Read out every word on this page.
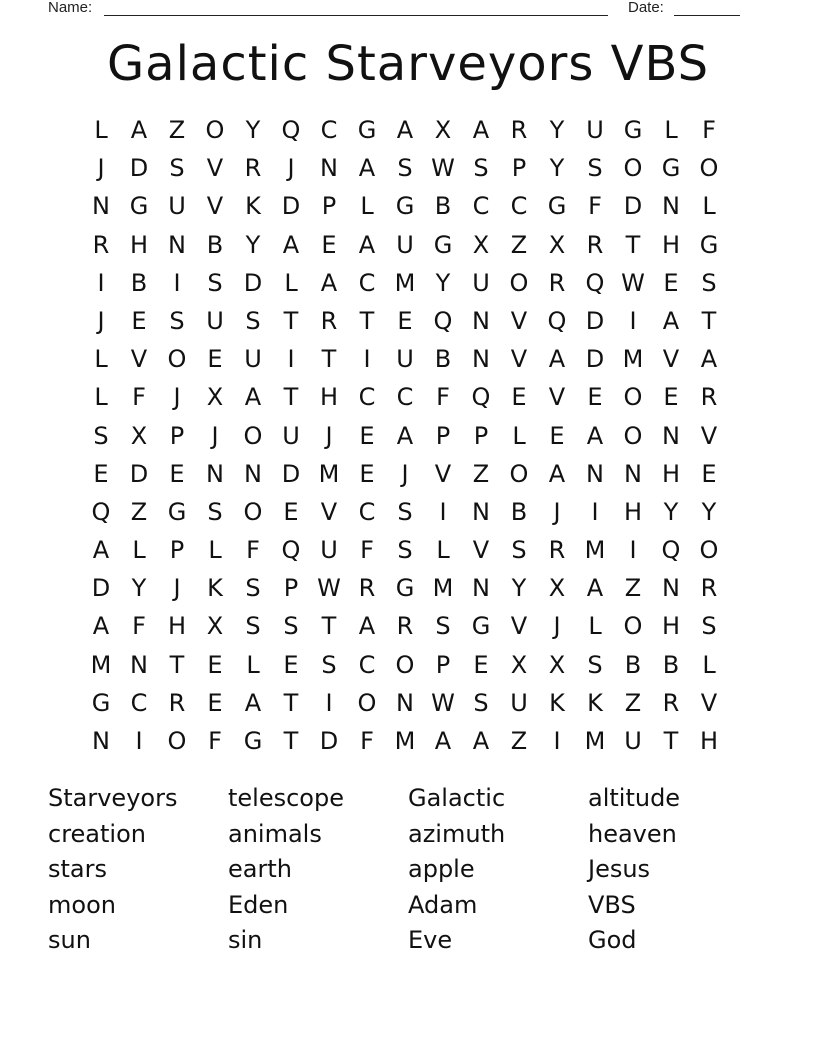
Name:	Date:
Galactic Starveyors VBS
L A Z O Y Q C G A X A R Y U G L	F
J	D S V R	J	N A S W S P Y S O G O
N G U V K D P	L G B C C G F D N L
R H N B Y A E A U G X Z X R T H G
I	B	I	S D L A C M Y U O R Q W E S
J	E S U S T R T E Q N V Q D	I	A T
L V O E U	I	T	I	U B N V A D M V A
L	F	J	X A T H C C F Q E V E O E R
S X P	J	O U	J	E A P P	L E A O N V
E D E N N D M E	J	V Z O A N N H E
Q Z G S O E V C S	I	N B	J	I	H Y Y
A L	P	L	F Q U F S L V S R M	I	Q O
D Y	J	K S P W R G M N Y X A Z N R
A F H X S S T A R S G V	J	L O H S
M N T E L E S C O P E X X S B B L
G C R E A T	I	O N W S U K K Z R V
N	I	O F G T D F M A A Z	I	M U T H
Starveyors	telescope	Galactic	altitude
creation	animals	azimuth	heaven
stars	earth	apple	Jesus
moon	Eden	Adam	VBS
sun	sin	Eve	God
